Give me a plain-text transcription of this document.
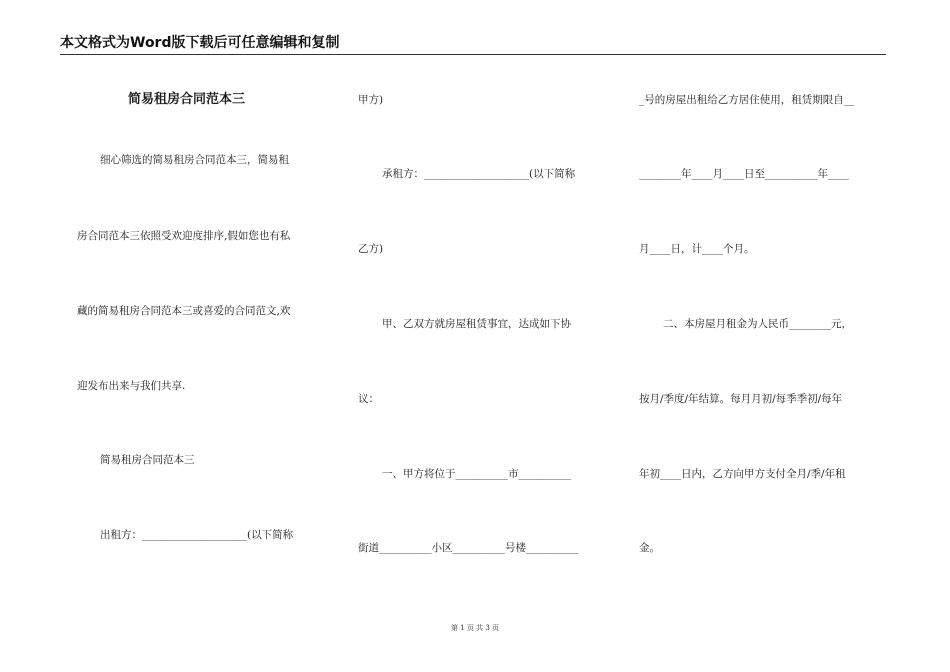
本文格式为Word版下载后可任意编辑和复制
简易租房合同范本三
细心筛选的简易租房合同范本三，简易租
房合同范本三依照受欢迎度排序,假如您也有私
藏的简易租房合同范本三或喜爱的合同范文,欢
迎发布出来与我们共享.
简易租房合同范本三
出租方：____________________(以下简称
甲方)
承租方：____________________(以下简称
乙方)
甲、乙双方就房屋租赁事宜，达成如下协
议：
一、甲方将位于__________市__________
街道__________小区__________号楼__________
_号的房屋出租给乙方居住使用，租赁期限自__
________年____月____日至__________年____
月____日，计____个月。
二、本房屋月租金为人民币________元，
按月/季度/年结算。每月月初/每季季初/每年
年初____日内，乙方向甲方支付全月/季/年租
金。
第 1 页 共 3 页
